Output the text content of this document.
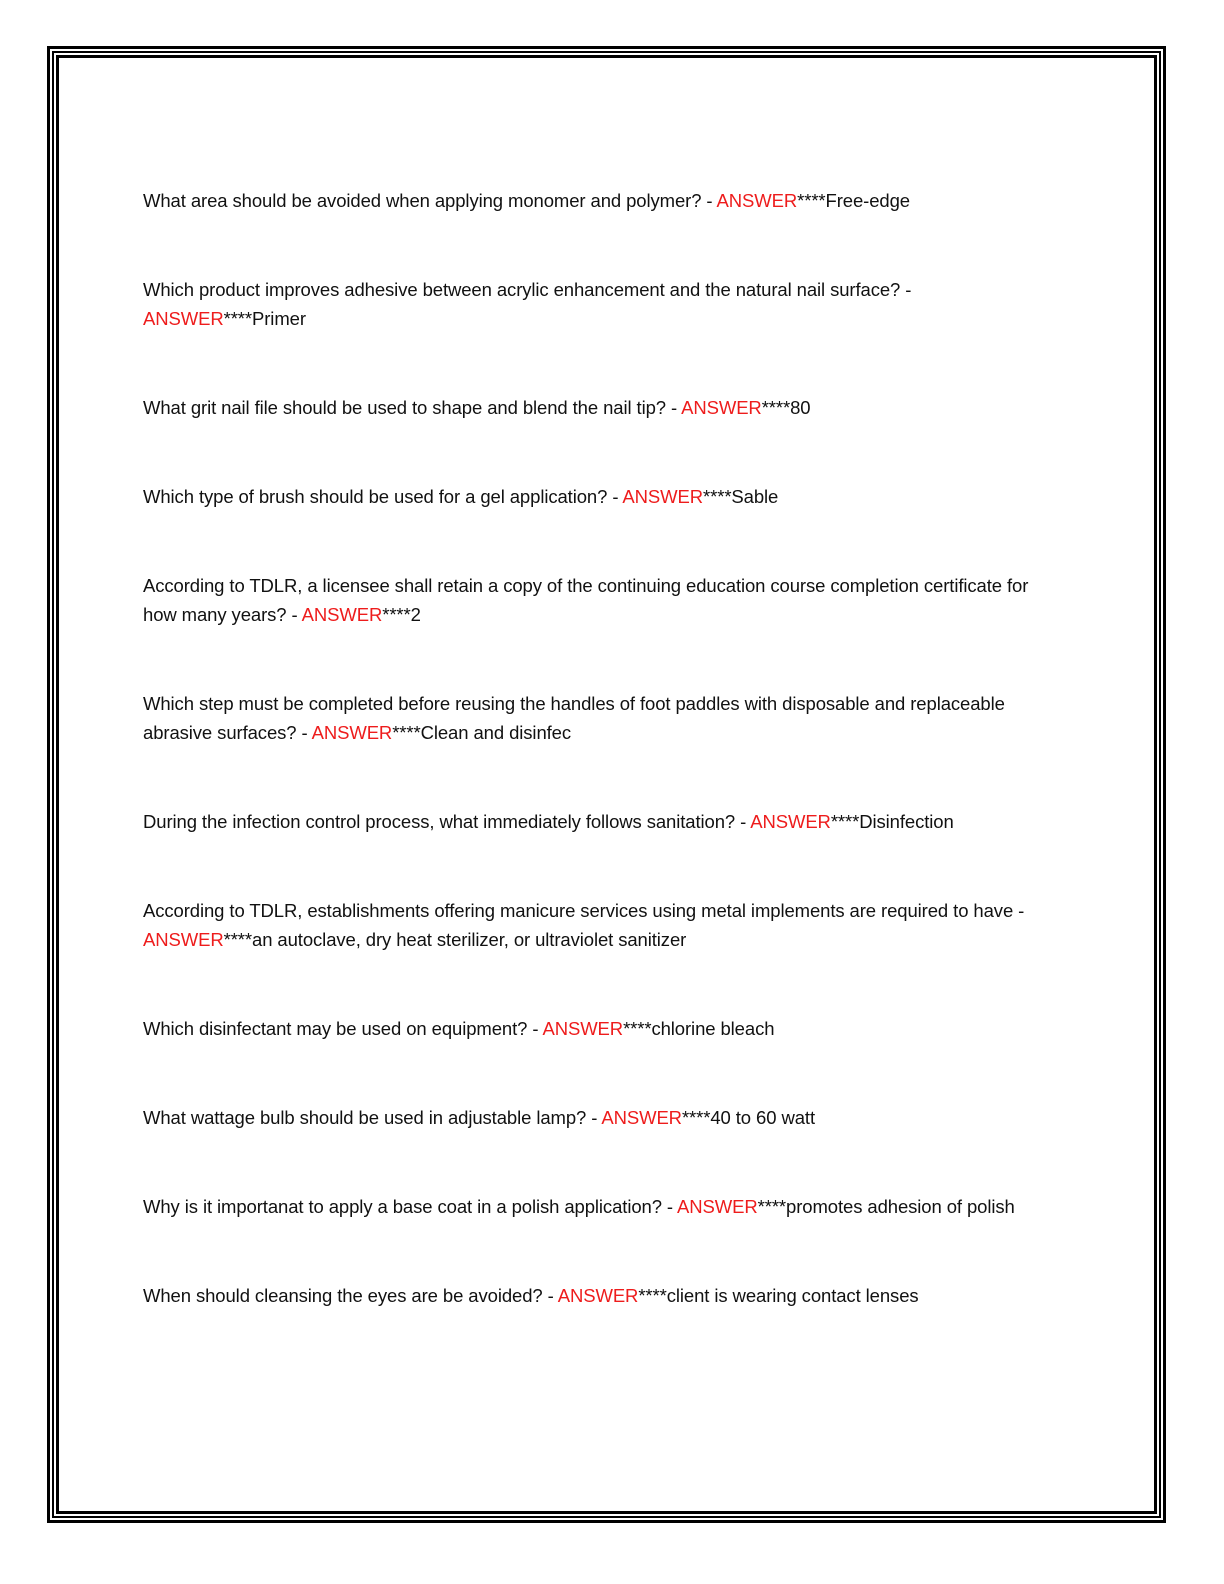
What area should be avoided when applying monomer and polymer? - ANSWER****Free-edge
Which product improves adhesive between acrylic enhancement and the natural nail surface? - ANSWER****Primer
What grit nail file should be used to shape and blend the nail tip? - ANSWER****80
Which type of brush should be used for a gel application? - ANSWER****Sable
According to TDLR, a licensee shall retain a copy of the continuing education course completion certificate for how many years? - ANSWER****2
Which step must be completed before reusing the handles of foot paddles with disposable and replaceable abrasive surfaces? - ANSWER****Clean and disinfec
During the infection control process, what immediately follows sanitation? - ANSWER****Disinfection
According to TDLR, establishments offering manicure services using metal implements are required to have - ANSWER****an autoclave, dry heat sterilizer, or ultraviolet sanitizer
Which disinfectant may be used on equipment? - ANSWER****chlorine bleach
What wattage bulb should be used in adjustable lamp? - ANSWER****40 to 60 watt
Why is it importanat to apply a base coat in a polish application? - ANSWER****promotes adhesion of polish
When should cleansing the eyes are be avoided? - ANSWER****client is wearing contact lenses
